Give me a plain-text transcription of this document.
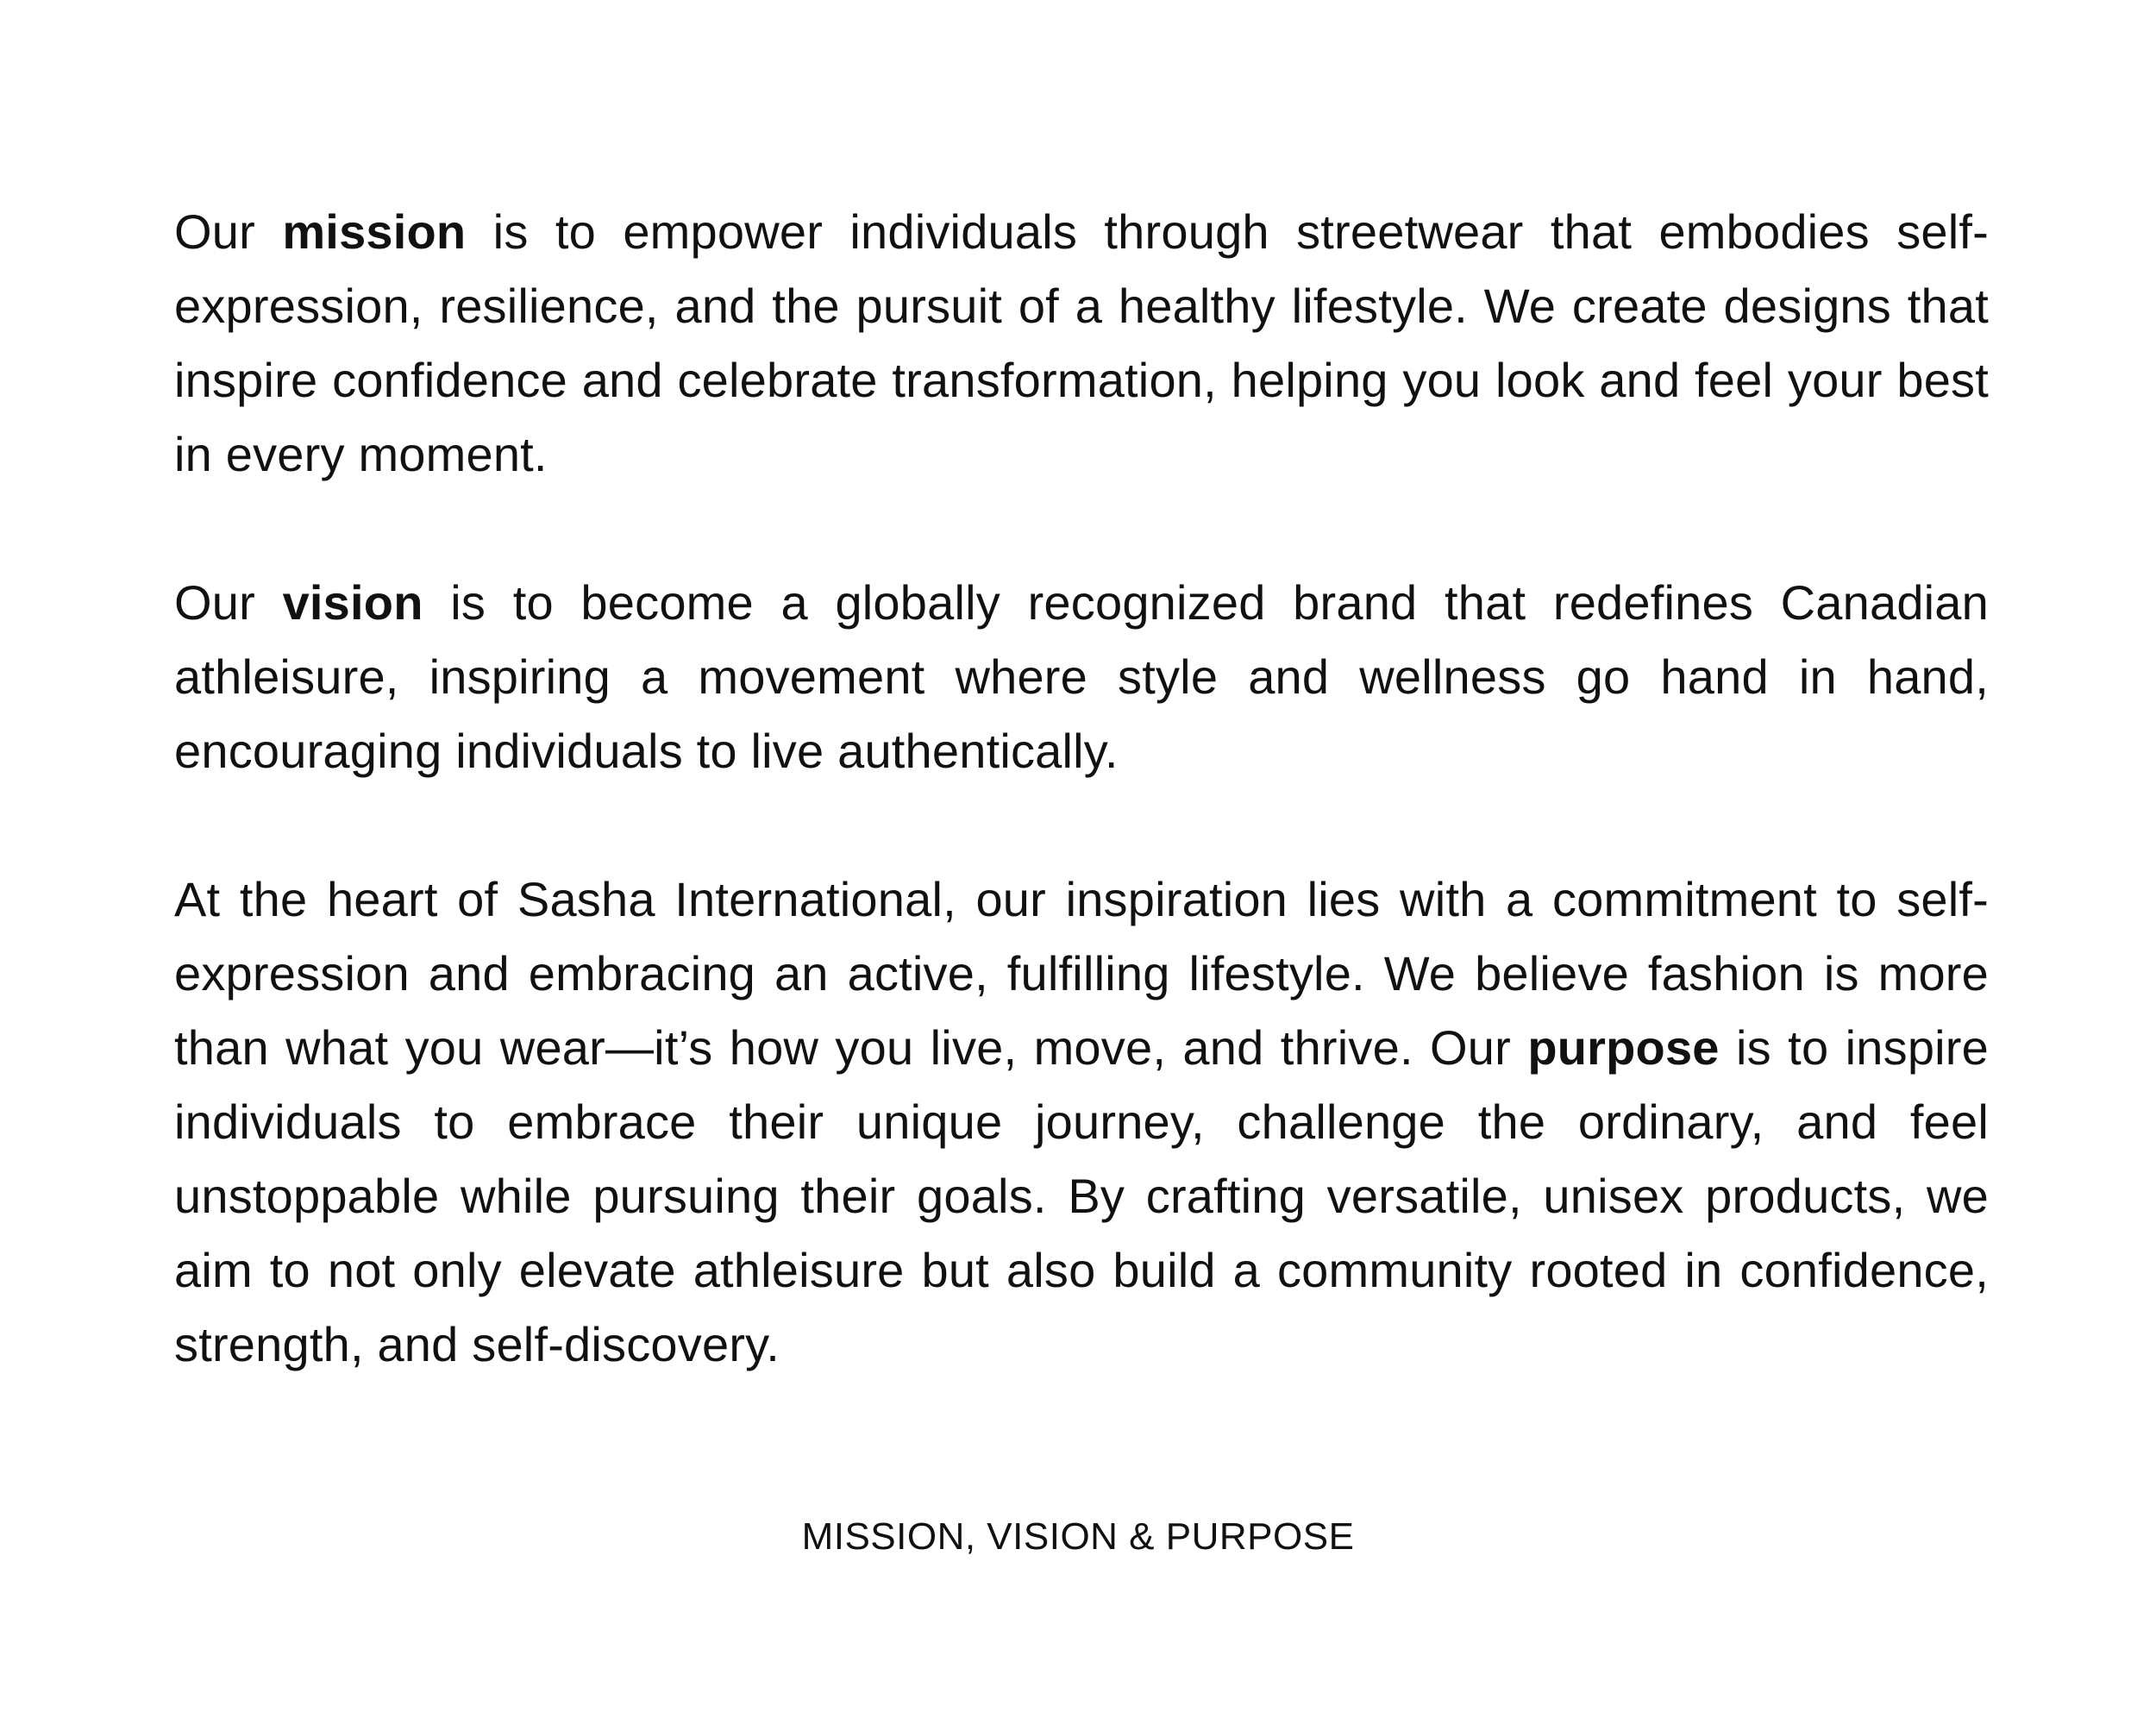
Our mission is to empower individuals through streetwear that embodies self-expression, resilience, and the pursuit of a healthy lifestyle. We create designs that inspire confidence and celebrate transformation, helping you look and feel your best in every moment.

Our vision is to become a globally recognized brand that redefines Canadian athleisure, inspiring a movement where style and wellness go hand in hand, encouraging individuals to live authentically.

At the heart of Sasha International, our inspiration lies with a commitment to self-expression and embracing an active, fulfilling lifestyle. We believe fashion is more than what you wear—it’s how you live, move, and thrive. Our purpose is to inspire individuals to embrace their unique journey, challenge the ordinary, and feel unstoppable while pursuing their goals. By crafting versatile, unisex products, we aim to not only elevate athleisure but also build a community rooted in confidence, strength, and self-discovery.

MISSION, VISION & PURPOSE
